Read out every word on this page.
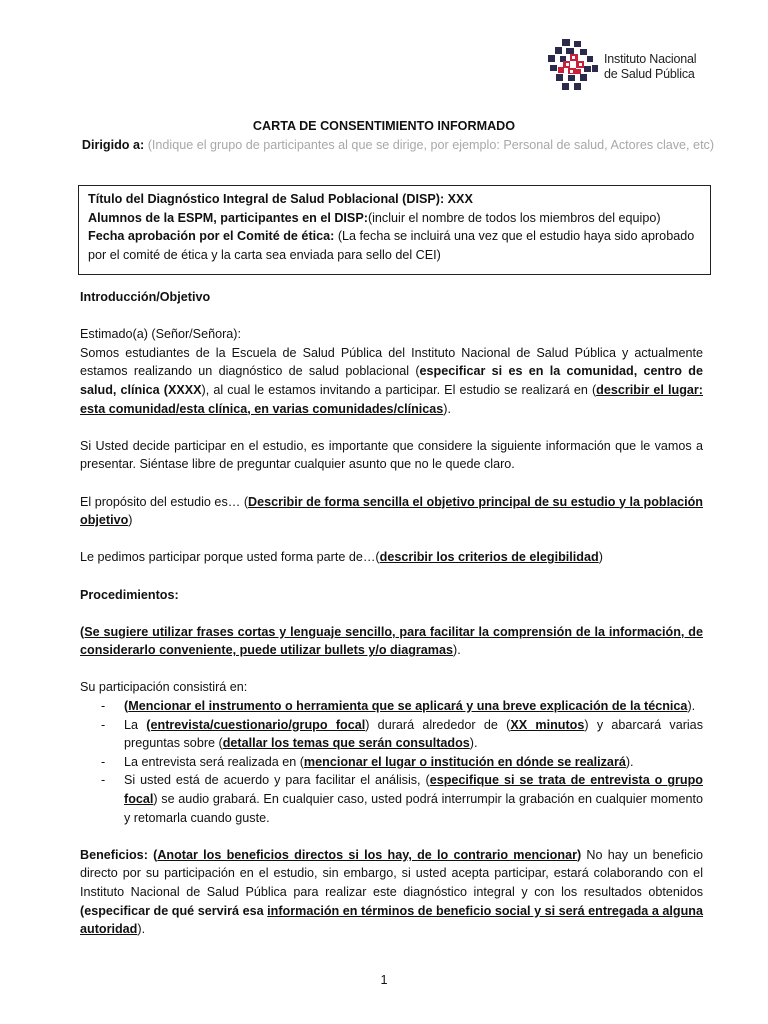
Instituto Nacional
de Salud Pública
CARTA DE CONSENTIMIENTO INFORMADO
Dirigido a: (Indique el grupo de participantes al que se dirige, por ejemplo: Personal de salud, Actores clave, etc)

Título del Diagnóstico Integral de Salud Poblacional (DISP): XXX

Alumnos de la ESPM, participantes en el DISP:(incluir el nombre de todos los miembros del equipo)

Fecha aprobación por el Comité de ética: (La fecha se incluirá una vez que el estudio haya sido aprobado por el comité de ética y la carta sea enviada para sello del CEI)

Introducción/Objetivo

Estimado(a) (Señor/Señora):

Somos estudiantes de la Escuela de Salud Pública del Instituto Nacional de Salud Pública y actualmente estamos realizando un diagnóstico de salud poblacional (especificar si es en la comunidad, centro de salud, clínica (XXXX), al cual le estamos invitando a participar. El estudio se realizará en (describir el lugar: esta comunidad/esta clínica, en varias comunidades/clínicas).

Si Usted decide participar en el estudio, es importante que considere la siguiente información que le vamos a presentar. Siéntase libre de preguntar cualquier asunto que no le quede claro.

El propósito del estudio es… (Describir de forma sencilla el objetivo principal de su estudio y la población objetivo)

Le pedimos participar porque usted forma parte de…(describir los criterios de elegibilidad)

Procedimientos:

(Se sugiere utilizar frases cortas y lenguaje sencillo, para facilitar la comprensión de la información, de considerarlo conveniente, puede utilizar bullets y/o diagramas).

Su participación consistirá en:

- (Mencionar el instrumento o herramienta que se aplicará y una breve explicación de la técnica).
- La (entrevista/cuestionario/grupo focal) durará alrededor de (XX minutos) y abarcará varias preguntas sobre (detallar los temas que serán consultados).
- La entrevista será realizada en (mencionar el lugar o institución en dónde se realizará).
- Si usted está de acuerdo y para facilitar el análisis, (especifique si se trata de entrevista o grupo focal) se audio grabará. En cualquier caso, usted podrá interrumpir la grabación en cualquier momento y retomarla cuando guste.

Beneficios: (Anotar los beneficios directos si los hay, de lo contrario mencionar) No hay un beneficio directo por su participación en el estudio, sin embargo, si usted acepta participar, estará colaborando con el Instituto Nacional de Salud Pública para realizar este diagnóstico integral y con los resultados obtenidos (especificar de qué servirá esa información en términos de beneficio social y si será entregada a alguna autoridad).

1
